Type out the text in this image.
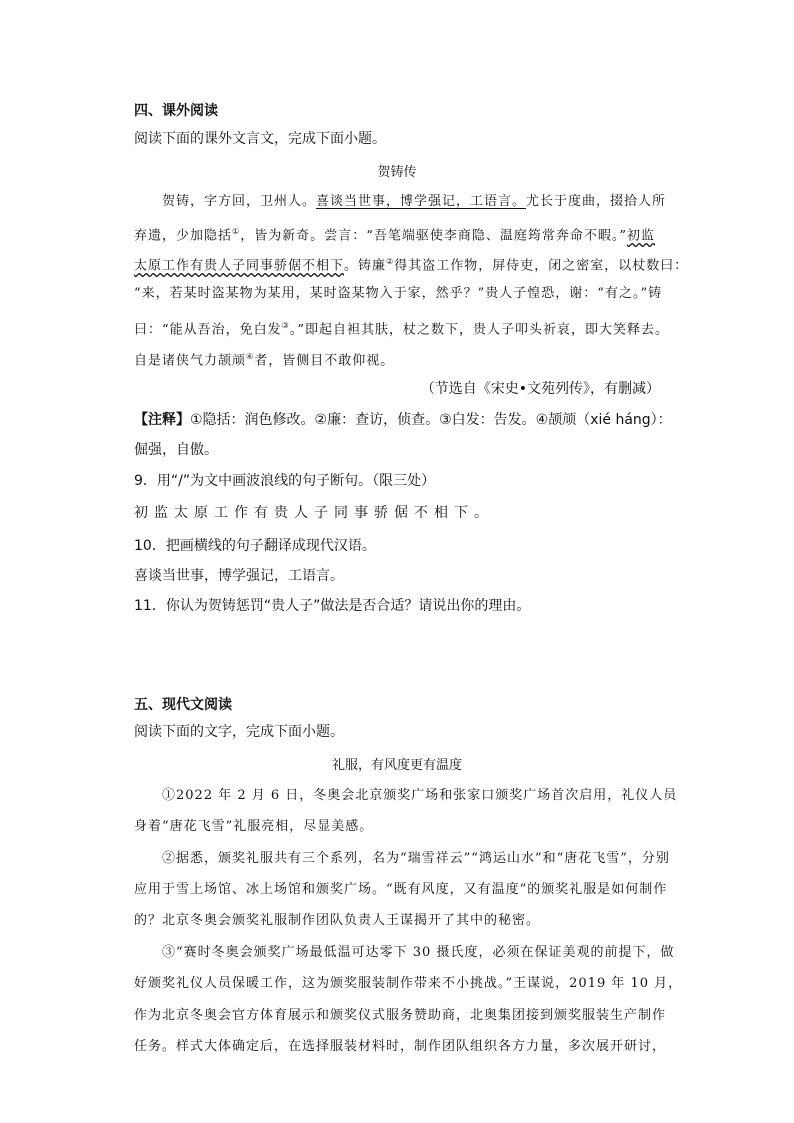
四、课外阅读
阅读下面的课外文言文，完成下面小题。
贺铸传
贺铸，字方回，卫州人。喜谈当世事，博学强记，工语言。尤长于度曲，掇拾人所
弃遗，少加隐括①，皆为新奇。尝言：“吾笔端驱使李商隐、温庭筠常奔命不暇。”初监
太原工作有贵人子同事骄倨不相下。铸廉②得其盗工作物，屏侍吏，闭之密室，以杖数曰：
“来，若某时盗某物为某用，某时盗某物入于家，然乎？”贵人子惶恐，谢：“有之。”铸
曰：“能从吾治，免白发③。”即起自袒其肤，杖之数下，贵人子叩头祈哀，即大笑释去。
自是诸侠气力颉颃④者，皆侧目不敢仰视。
（节选自《宋史•文苑列传》，有删减）
【注释】①隐括：润色修改。②廉：查访，侦查。③白发：告发。④颉颃（xié háng）：
倔强，自傲。
9．用“/”为文中画波浪线的句子断句。（限三处）
初监太原工作有贵人子同事骄倨不相下。
10．把画横线的句子翻译成现代汉语。
喜谈当世事，博学强记，工语言。
11．你认为贺铸惩罚“贵人子”做法是否合适？请说出你的理由。
五、现代文阅读
阅读下面的文字，完成下面小题。
礼服，有风度更有温度
①2022 年 2 月 6 日，冬奥会北京颁奖广场和张家口颁奖广场首次启用，礼仪人员
身着“唐花飞雪”礼服亮相，尽显美感。
②据悉，颁奖礼服共有三个系列，名为“瑞雪祥云”“鸿运山水”和“唐花飞雪”，分别
应用于雪上场馆、冰上场馆和颁奖广场。“既有风度，又有温度”的颁奖礼服是如何制作
的？北京冬奥会颁奖礼服制作团队负责人王谋揭开了其中的秘密。
③“赛时冬奥会颁奖广场最低温可达零下 30 摄氏度，必须在保证美观的前提下，做
好颁奖礼仪人员保暖工作，这为颁奖服装制作带来不小挑战。”王谋说，2019 年 10 月，
作为北京冬奥会官方体育展示和颁奖仪式服务赞助商，北奥集团接到颁奖服装生产制作
任务。样式大体确定后，在选择服装材料时，制作团队组织各方力量，多次展开研讨，
